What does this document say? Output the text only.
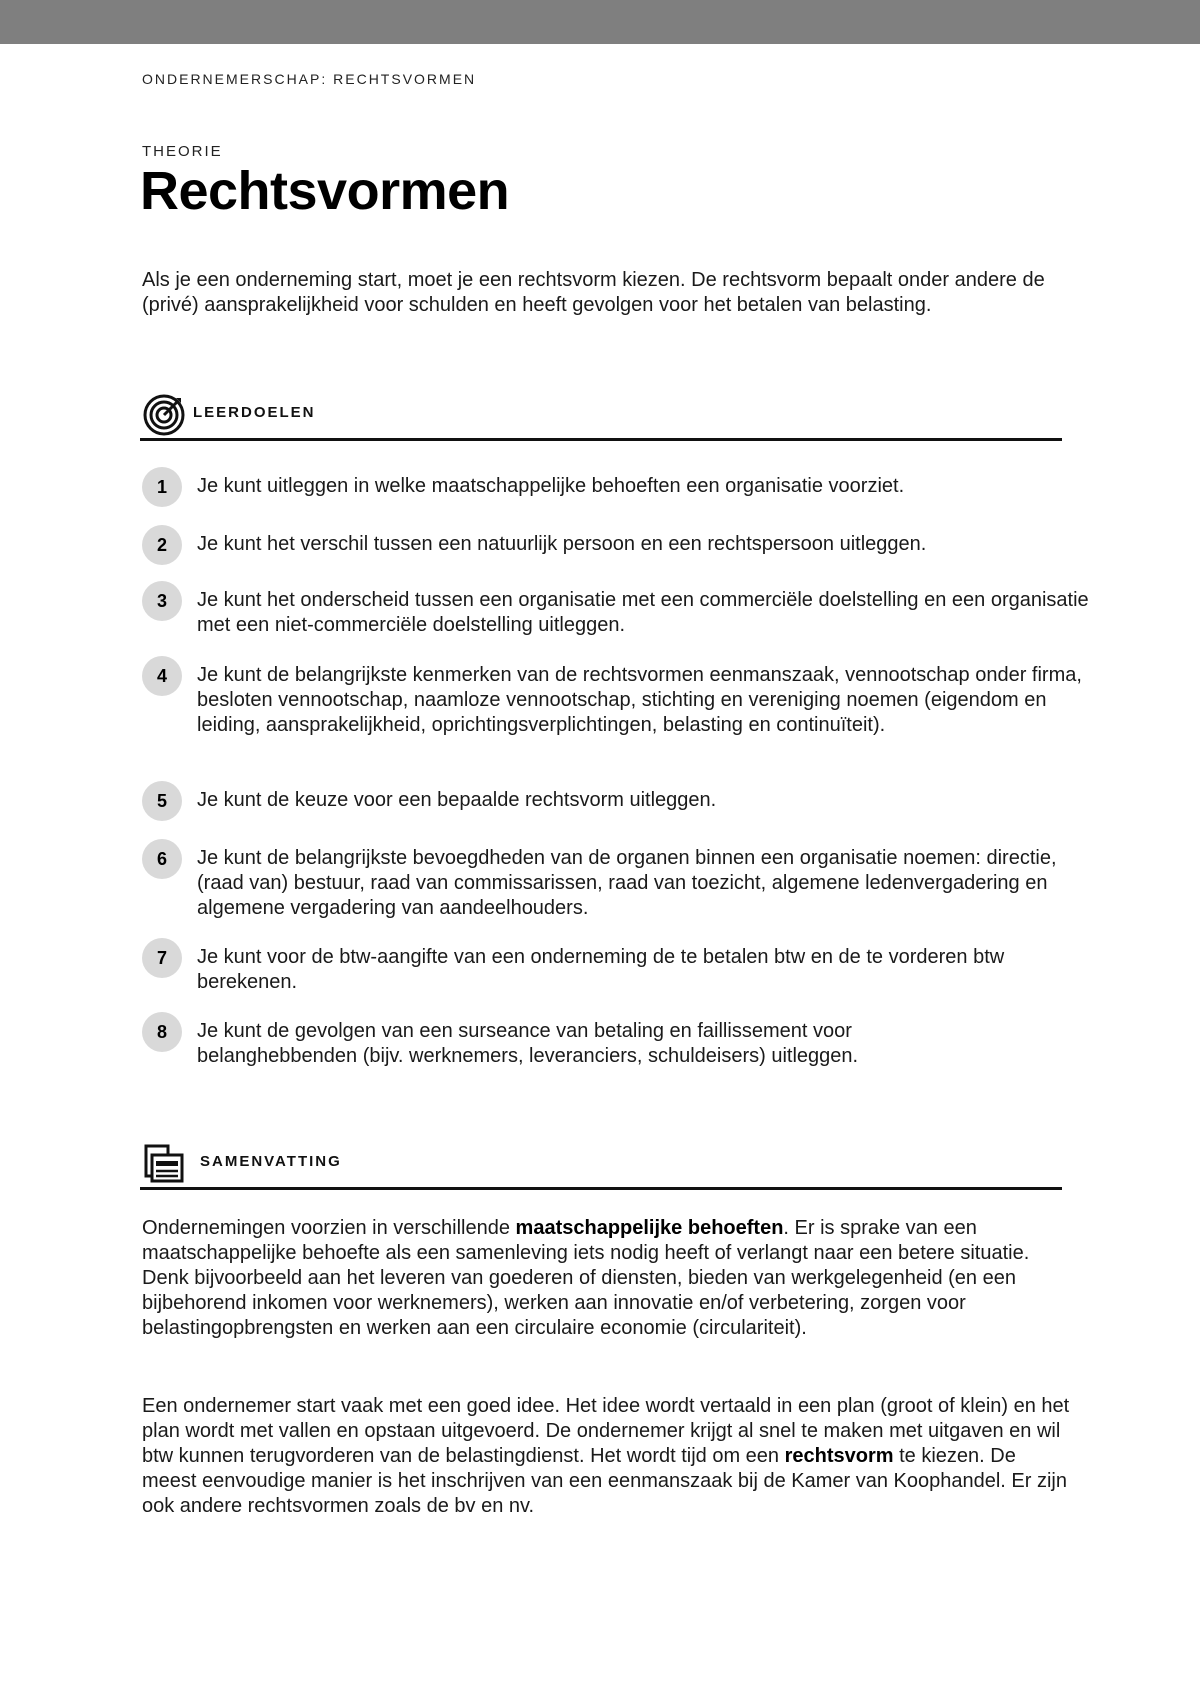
ONDERNEMERSCHAP: RECHTSVORMEN
THEORIE
Rechtsvormen

Als je een onderneming start, moet je een rechtsvorm kiezen. De rechtsvorm bepaalt onder andere de (privé) aansprakelijkheid voor schulden en heeft gevolgen voor het betalen van belasting.

LEERDOELEN
1	Je kunt uitleggen in welke maatschappelijke behoeften een organisatie voorziet.
2	Je kunt het verschil tussen een natuurlijk persoon en een rechtspersoon uitleggen.
3	Je kunt het onderscheid tussen een organisatie met een commerciële doelstelling en een organisatie met een niet-commerciële doelstelling uitleggen.
4	Je kunt de belangrijkste kenmerken van de rechtsvormen eenmanszaak, vennootschap onder firma, besloten vennootschap, naamloze vennootschap, stichting en vereniging noemen (eigendom en leiding, aansprakelijkheid, oprichtingsverplichtingen, belasting en continuïteit).
5	Je kunt de keuze voor een bepaalde rechtsvorm uitleggen.
6	Je kunt de belangrijkste bevoegdheden van de organen binnen een organisatie noemen: directie, (raad van) bestuur, raad van commissarissen, raad van toezicht, algemene ledenvergadering en algemene vergadering van aandeelhouders.
7	Je kunt voor de btw-aangifte van een onderneming de te betalen btw en de te vorderen btw berekenen.
8	Je kunt de gevolgen van een surseance van betaling en faillissement voor belanghebbenden (bijv. werknemers, leveranciers, schuldeisers) uitleggen.
SAMENVATTING

Ondernemingen voorzien in verschillende maatschappelijke behoeften. Er is sprake van een maatschappelijke behoefte als een samenleving iets nodig heeft of verlangt naar een betere situatie. Denk bijvoorbeeld aan het leveren van goederen of diensten, bieden van werkgelegenheid (en een bijbehorend inkomen voor werknemers), werken aan innovatie en/of verbetering, zorgen voor belastingopbrengsten en werken aan een circulaire economie (circulariteit).

Een ondernemer start vaak met een goed idee. Het idee wordt vertaald in een plan (groot of klein) en het plan wordt met vallen en opstaan uitgevoerd. De ondernemer krijgt al snel te maken met uitgaven en wil btw kunnen terugvorderen van de belastingdienst. Het wordt tijd om een rechtsvorm te kiezen. De meest eenvoudige manier is het inschrijven van een eenmanszaak bij de Kamer van Koophandel. Er zijn ook andere rechtsvormen zoals de bv en nv.
